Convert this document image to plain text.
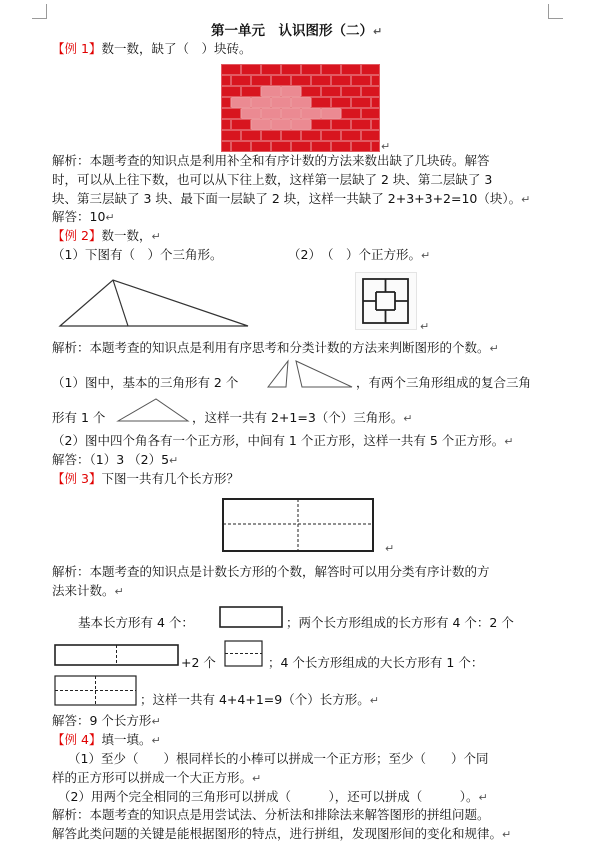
第一单元　认识图形（二）↵
【例 1】数一数，缺了（　）块砖。
↵
解析：本题考查的知识点是利用补全和有序计数的方法来数出缺了几块砖。解答
时，可以从上往下数，也可以从下往上数，这样第一层缺了 2 块、第二层缺了 3
块、第三层缺了 3 块、最下面一层缺了 2 块，这样一共缺了 2+3+3+2=10（块）。↵
解答：10↵
【例 2】数一数，↵
（1）下图有（　）个三角形。	（2）　（　）个正方形。↵
↵
解析：本题考查的知识点是利用有序思考和分类计数的方法来判断图形的个数。↵
（1）图中，基本的三角形有 2 个	，有两个三角形组成的复合三角
形有 1 个	，这样一共有 2+1=3（个）三角形。↵
（2）图中四个角各有一个正方形，中间有 1 个正方形，这样一共有 5 个正方形。↵
解答：（1）3 （2）5↵
【例 3】下图一共有几个长方形？
↵
解析：本题考查的知识点是计数长方形的个数，解答时可以用分类有序计数的方
法来计数。↵
基本长方形有 4 个：	；两个长方形组成的长方形有 4 个：2 个
+2 个	；4 个长方形组成的大长方形有 1 个：
；这样一共有 4+4+1=9（个）长方形。↵
解答：9 个长方形↵
【例 4】填一填。↵
（1）至少（　　）根同样长的小棒可以拼成一个正方形；至少（　　）个同
样的正方形可以拼成一个大正方形。↵
（2）用两个完全相同的三角形可以拼成（　　　），还可以拼成（　　　）。↵
解析：本题考查的知识点是用尝试法、分析法和排除法来解答图形的拼组问题。
解答此类问题的关键是能根据图形的特点，进行拼组，发现图形间的变化和规律。↵
